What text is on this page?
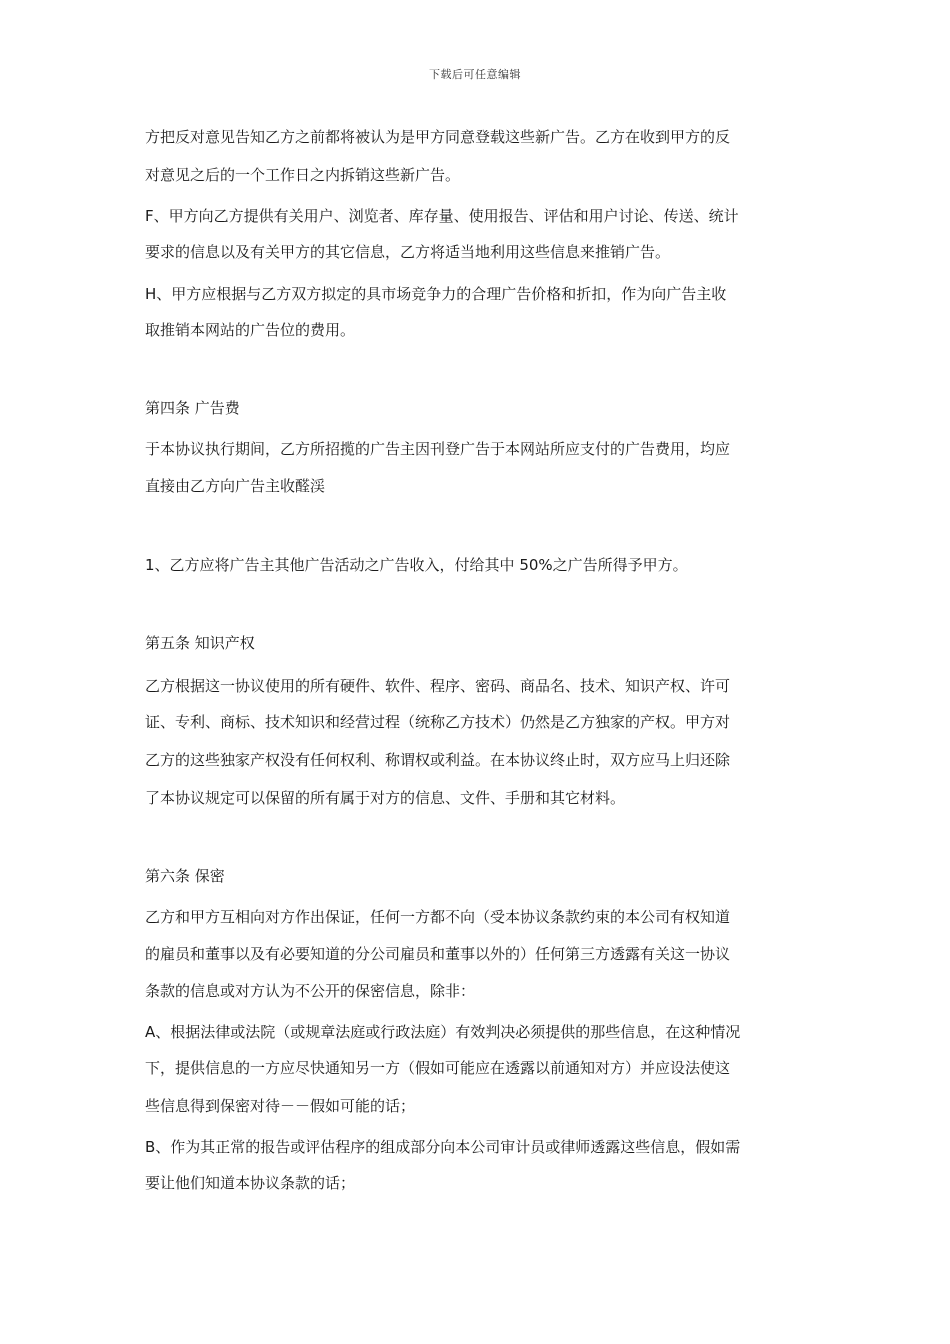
下载后可任意编辑
方把反对意见告知乙方之前都将被认为是甲方同意登载这些新广告。乙方在收到甲方的反
对意见之后的一个工作日之内拆销这些新广告。
F、甲方向乙方提供有关用户、浏览者、库存量、使用报告、评估和用户讨论、传送、统计
要求的信息以及有关甲方的其它信息，乙方将适当地利用这些信息来推销广告。
H、甲方应根据与乙方双方拟定的具市场竞争力的合理广告价格和折扣，作为向广告主收
取推销本网站的广告位的费用。
第四条 广告费
于本协议执行期间，乙方所招揽的广告主因刊登广告于本网站所应支付的广告费用，均应
直接由乙方向广告主收醛渓
1、乙方应将广告主其他广告活动之广告收入，付给其中 50%之广告所得予甲方。
第五条 知识产权
乙方根据这一协议使用的所有硬件、软件、程序、密码、商品名、技术、知识产权、许可
证、专利、商标、技术知识和经营过程（统称乙方技术）仍然是乙方独家的产权。甲方对
乙方的这些独家产权没有任何权利、称谓权或利益。在本协议终止时，双方应马上归还除
了本协议规定可以保留的所有属于对方的信息、文件、手册和其它材料。
第六条 保密
乙方和甲方互相向对方作出保证，任何一方都不向（受本协议条款约束的本公司有权知道
的雇员和董事以及有必要知道的分公司雇员和董事以外的）任何第三方透露有关这一协议
条款的信息或对方认为不公开的保密信息，除非：
A、根据法律或法院（或规章法庭或行政法庭）有效判决必须提供的那些信息，在这种情况
下，提供信息的一方应尽快通知另一方（假如可能应在透露以前通知对方）并应设法使这
些信息得到保密对待－－假如可能的话；
B、作为其正常的报告或评估程序的组成部分向本公司审计员或律师透露这些信息，假如需
要让他们知道本协议条款的话；
